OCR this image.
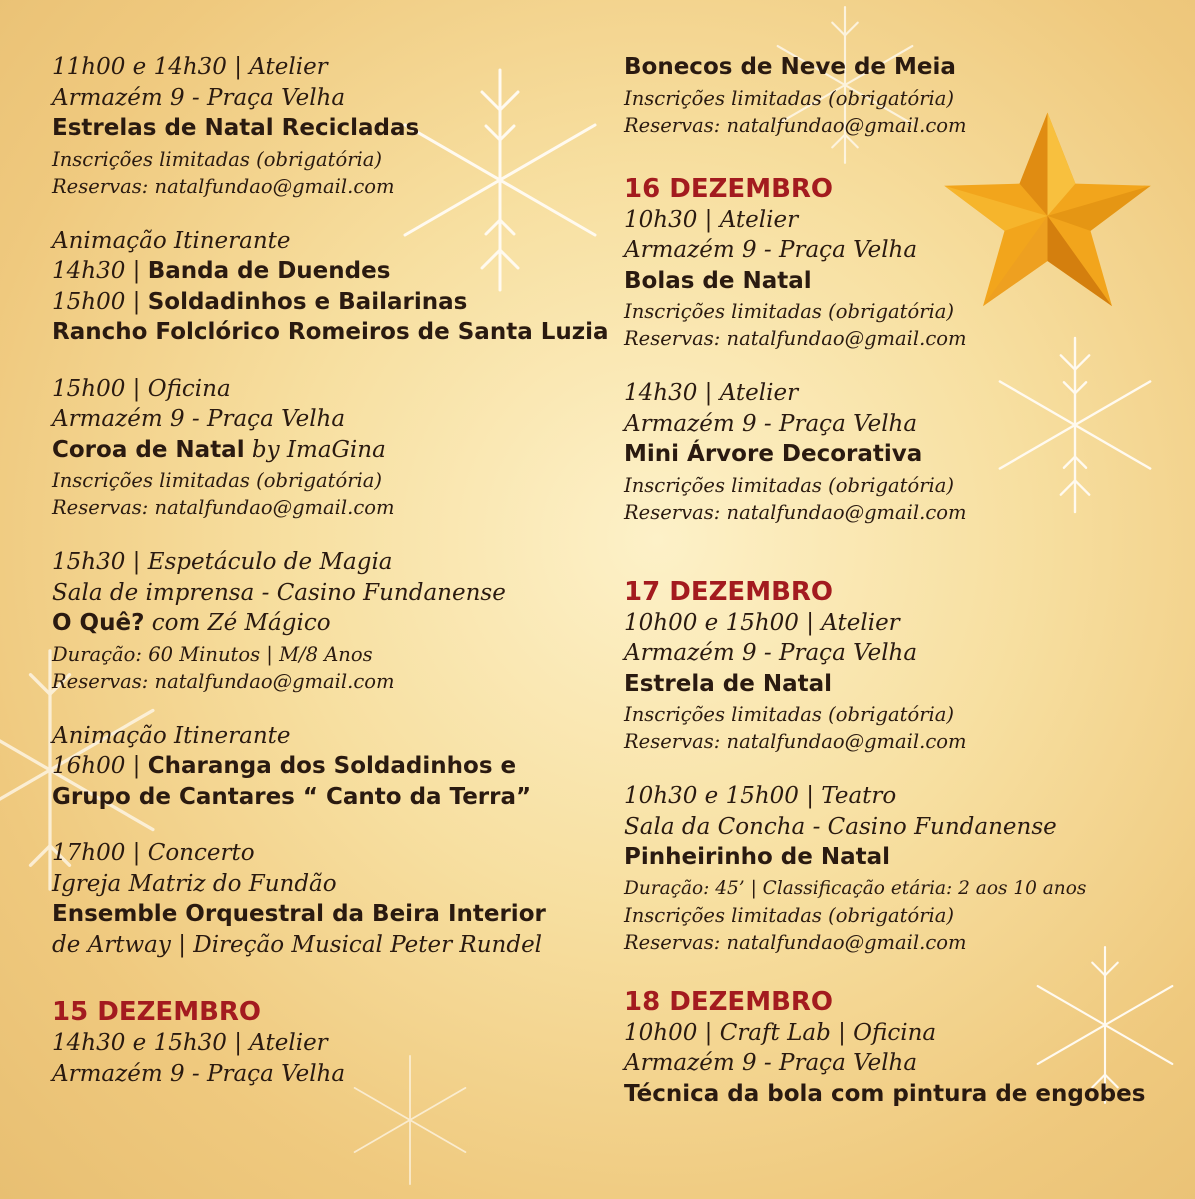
11h00 e 14h30 | Atelier
Armazém 9 - Praça Velha
Estrelas de Natal Recicladas
Inscrições limitadas (obrigatória)
Reservas: natalfundao@gmail.com
Animação Itinerante
14h30 | Banda de Duendes
15h00 | Soldadinhos e Bailarinas
Rancho Folclórico Romeiros de Santa Luzia
15h00 | Oficina
Armazém 9 - Praça Velha
Coroa de Natal by ImaGina
Inscrições limitadas (obrigatória)
Reservas: natalfundao@gmail.com
15h30 | Espetáculo de Magia
Sala de imprensa - Casino Fundanense
O Quê? com Zé Mágico
Duração: 60 Minutos | M/8 Anos
Reservas: natalfundao@gmail.com
Animação Itinerante
16h00 | Charanga dos Soldadinhos e
Grupo de Cantares “ Canto da Terra”
17h00 | Concerto
Igreja Matriz do Fundão
Ensemble Orquestral da Beira Interior
de Artway | Direção Musical Peter Rundel
15 DEZEMBRO
14h30 e 15h30 | Atelier
Armazém 9 - Praça Velha
Bonecos de Neve de Meia
Inscrições limitadas (obrigatória)
Reservas: natalfundao@gmail.com
16 DEZEMBRO
10h30 | Atelier
Armazém 9 - Praça Velha
Bolas de Natal
Inscrições limitadas (obrigatória)
Reservas: natalfundao@gmail.com
14h30 | Atelier
Armazém 9 - Praça Velha
Mini Árvore Decorativa
Inscrições limitadas (obrigatória)
Reservas: natalfundao@gmail.com
17 DEZEMBRO
10h00 e 15h00 | Atelier
Armazém 9 - Praça Velha
Estrela de Natal
Inscrições limitadas (obrigatória)
Reservas: natalfundao@gmail.com
10h30 e 15h00 | Teatro
Sala da Concha - Casino Fundanense
Pinheirinho de Natal
Duração: 45’ | Classificação etária: 2 aos 10 anos
Inscrições limitadas (obrigatória)
Reservas: natalfundao@gmail.com
18 DEZEMBRO
10h00 | Craft Lab | Oficina
Armazém 9 - Praça Velha
Técnica da bola com pintura de engobes
